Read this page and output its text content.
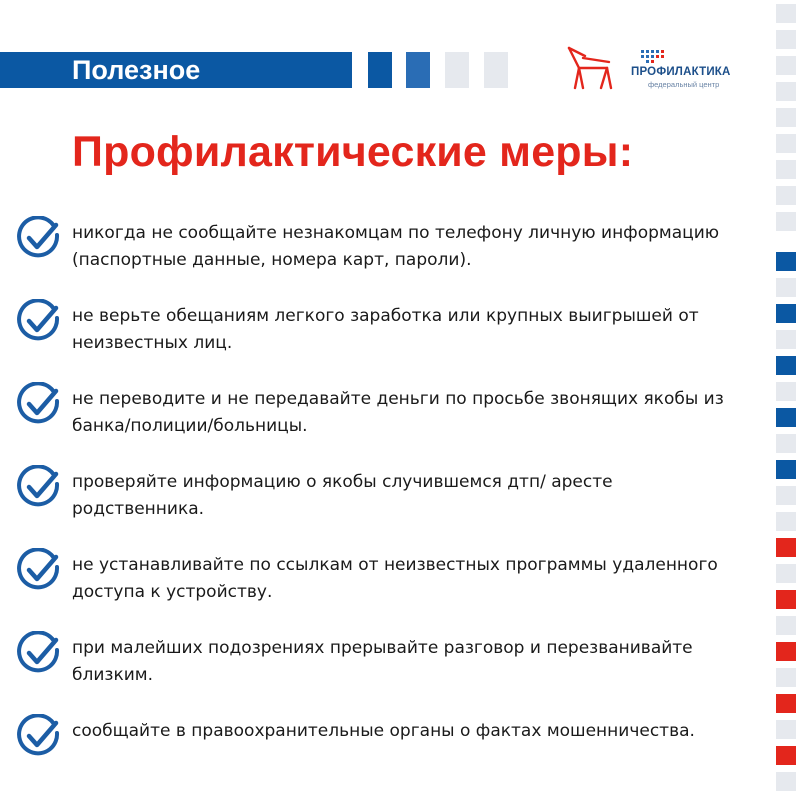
Полезное	ПРОФИЛАКТИКА
федеральный центр
Профилактические меры:

никогда не сообщайте незнакомцам по телефону личную информацию (паспортные данные, номера карт, пароли).

не верьте обещаниям легкого заработка или крупных выигрышей от неизвестных лиц.

не переводите и не передавайте деньги по просьбе звонящих якобы из банка/полиции/больницы.

проверяйте информацию о якобы случившемся дтп/ аресте родственника.

не устанавливайте по ссылкам от неизвестных программы удаленного доступа к устройству.

при малейших подозрениях прерывайте разговор и перезванивайте близким.

сообщайте в правоохранительные органы о фактах мошенничества.
